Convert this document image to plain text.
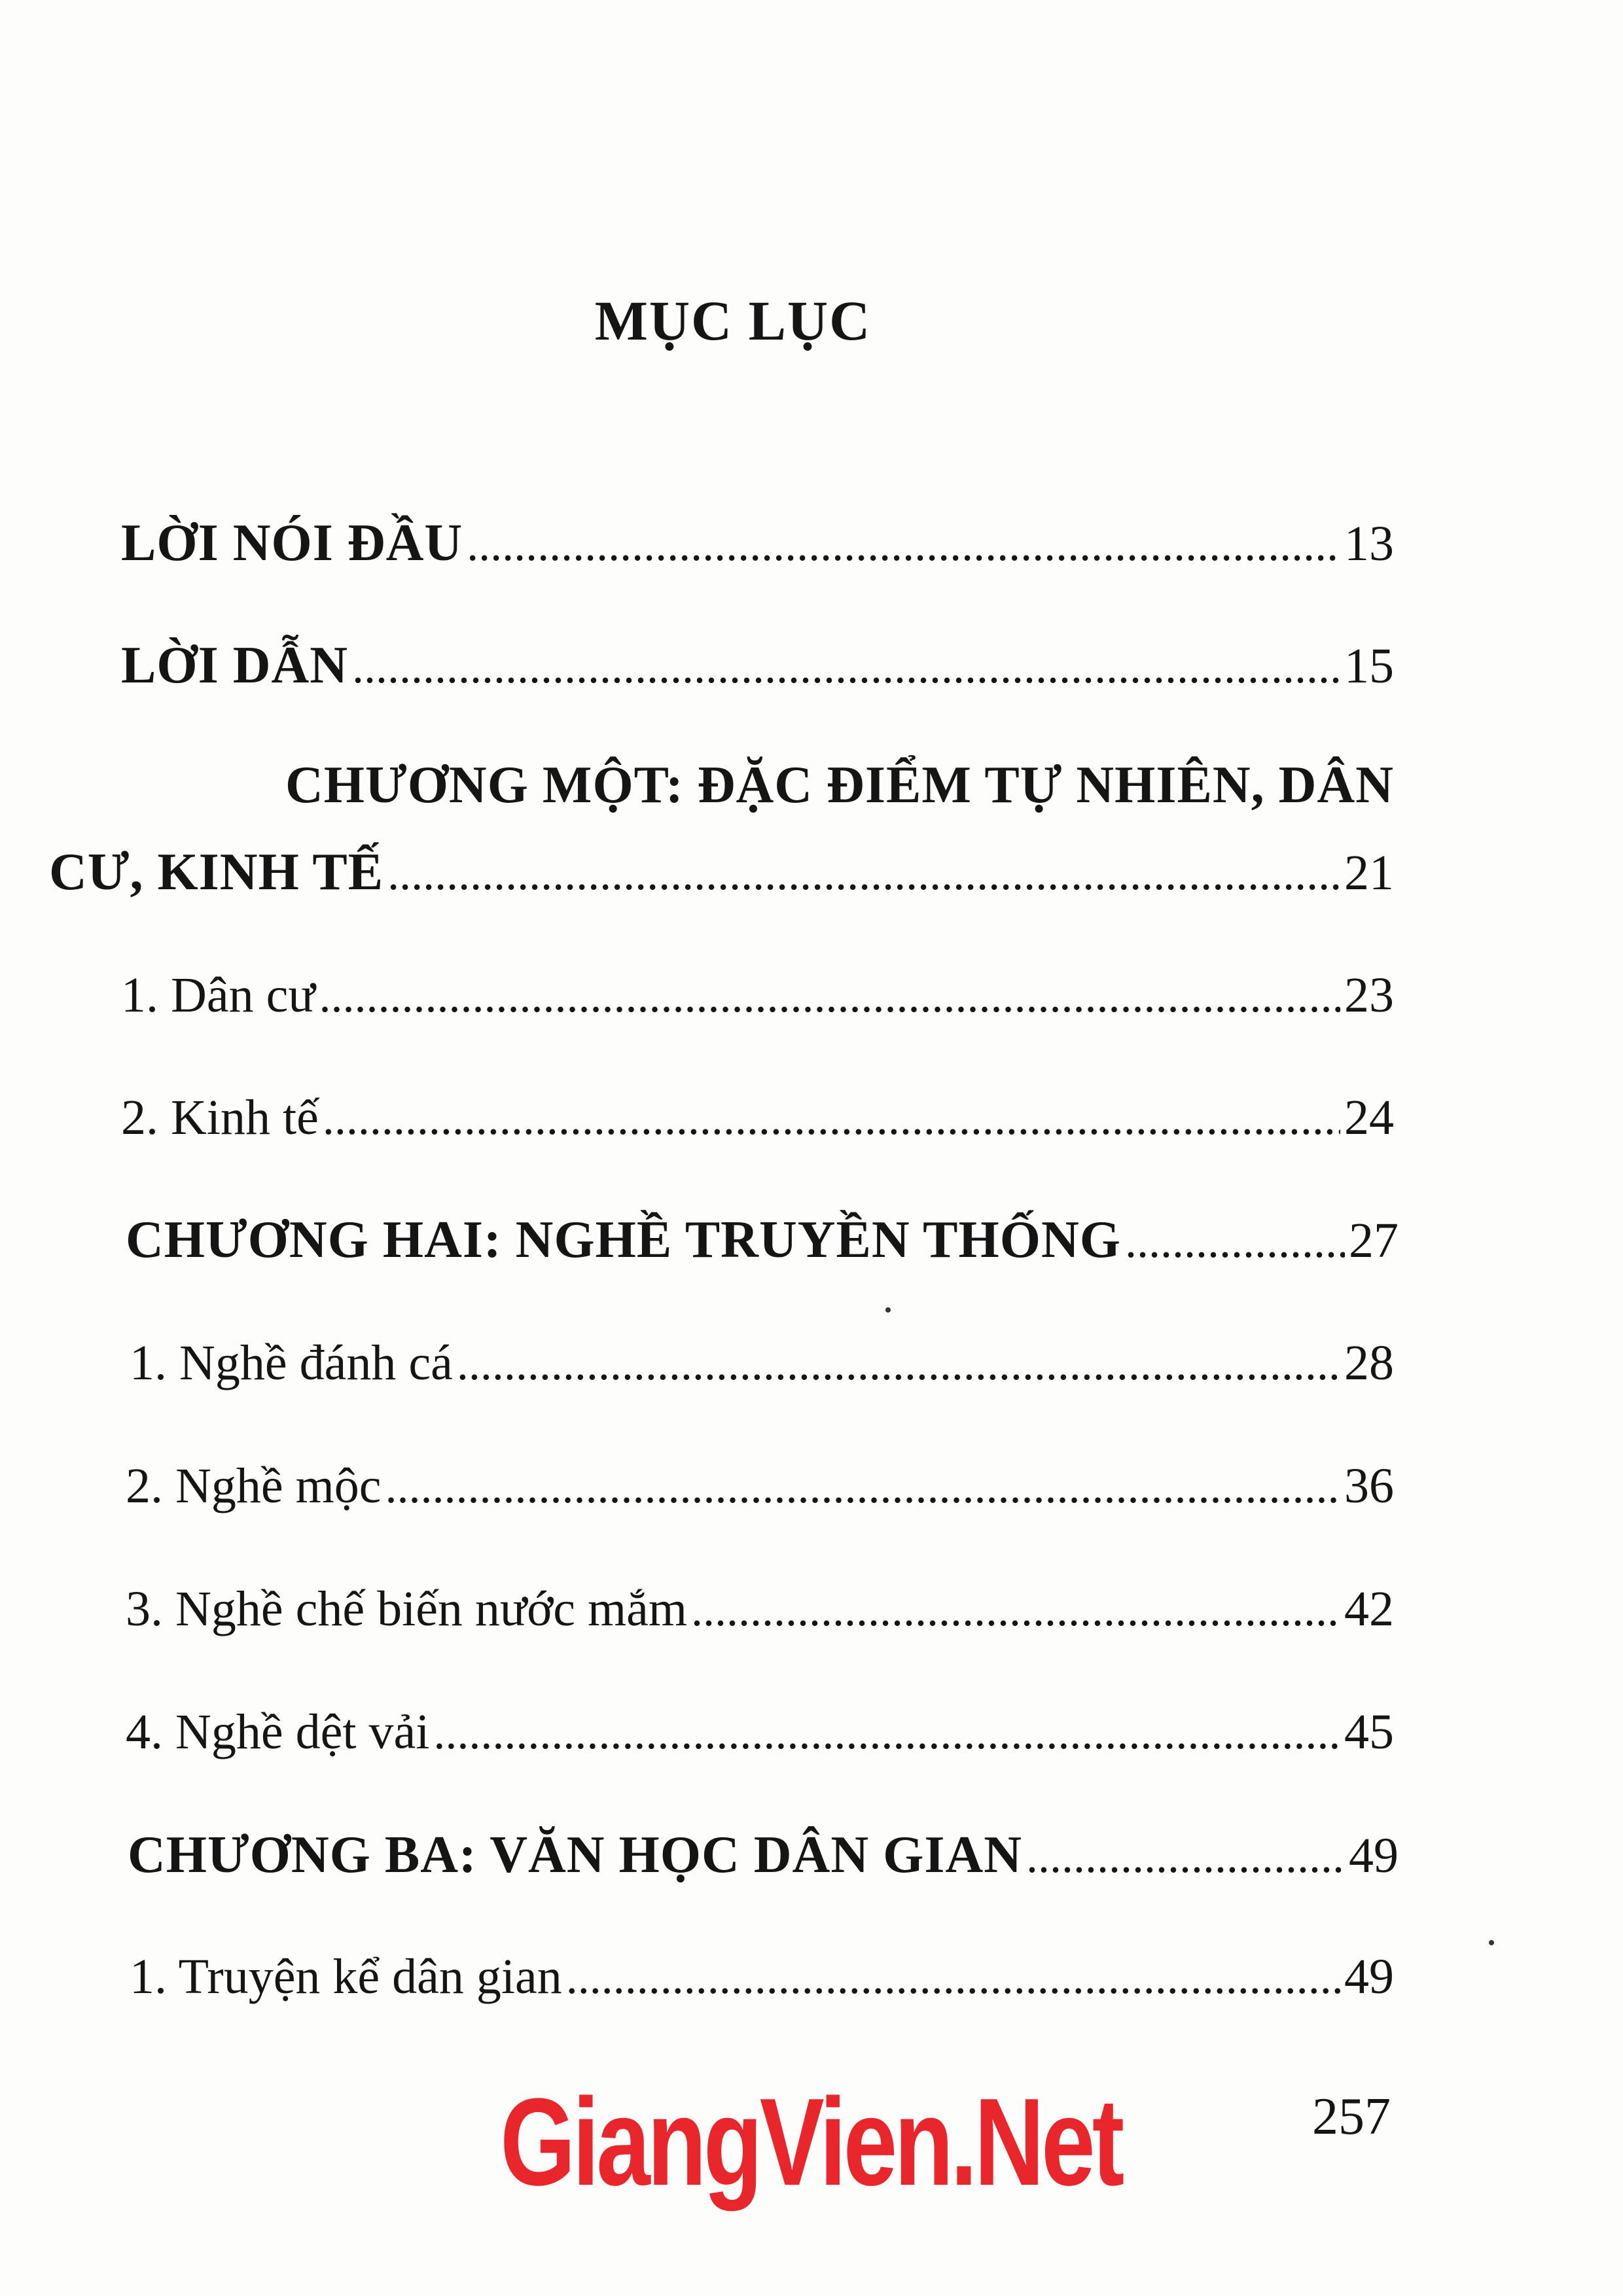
MỤC LỤC
LỜI NÓI ĐẦU .....	13
LỜI DẪN .....	15
CHƯƠNG MỘT: ĐẶC ĐIỂM TỰ NHIÊN, DÂN
CƯ, KINH TẾ .....	21
1. Dân cư .....	23
2. Kinh tế .....	24
CHƯƠNG HAI: NGHỀ TRUYỀN THỐNG .....	27
1. Nghề đánh cá .....	28
2. Nghề mộc .....	36
3. Nghề chế biến nước mắm .....	42
4. Nghề dệt vải .....	45
CHƯƠNG BA: VĂN HỌC DÂN GIAN .....	49
1. Truyện kể dân gian .....	49
GiangVien.Net	257
